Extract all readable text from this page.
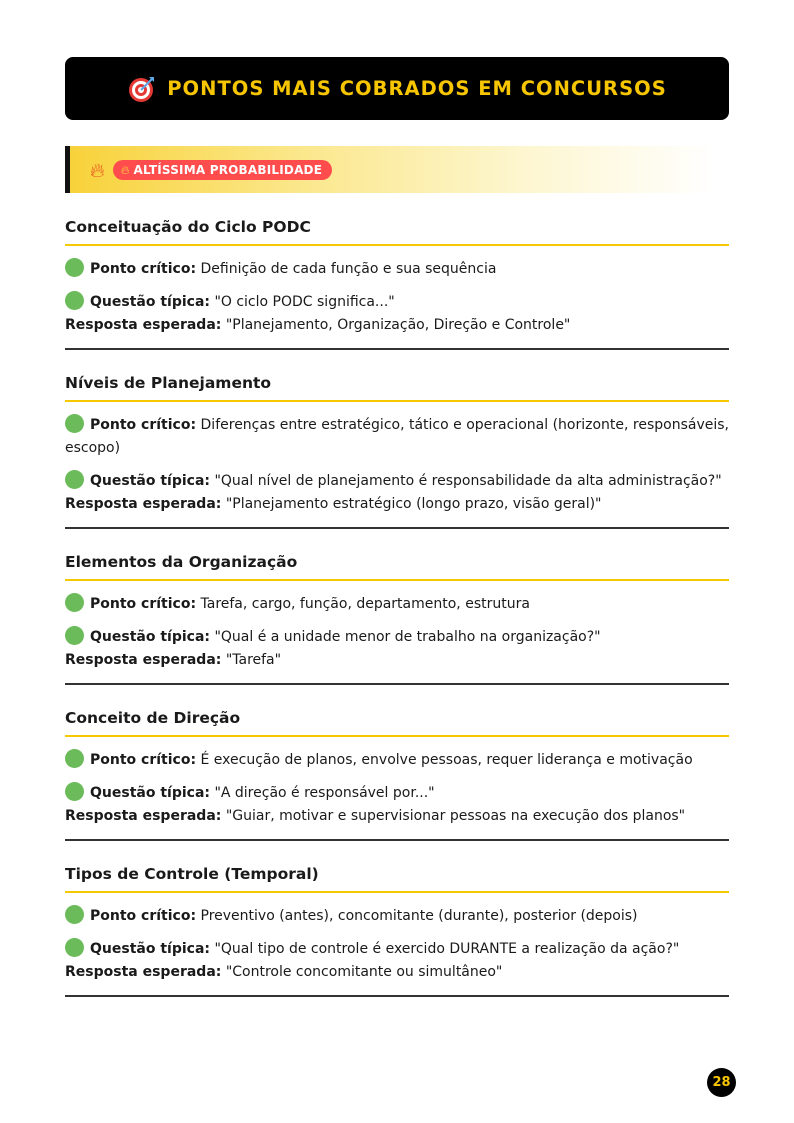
PONTOS MAIS COBRADOS EM CONCURSOS
🔥︎ 🔥︎ ALTÍSSIMA PROBABILIDADE
Conceituação do Ciclo PODC
Ponto crítico: Definição de cada função e sua sequência
Questão típica: "O ciclo PODC significa..."
Resposta esperada: "Planejamento, Organização, Direção e Controle"
Níveis de Planejamento
Ponto crítico: Diferenças entre estratégico, tático e operacional (horizonte, responsáveis, escopo)
Questão típica: "Qual nível de planejamento é responsabilidade da alta administração?"
Resposta esperada: "Planejamento estratégico (longo prazo, visão geral)"
Elementos da Organização
Ponto crítico: Tarefa, cargo, função, departamento, estrutura
Questão típica: "Qual é a unidade menor de trabalho na organização?"
Resposta esperada: "Tarefa"
Conceito de Direção
Ponto crítico: É execução de planos, envolve pessoas, requer liderança e motivação
Questão típica: "A direção é responsável por..."
Resposta esperada: "Guiar, motivar e supervisionar pessoas na execução dos planos"
Tipos de Controle (Temporal)
Ponto crítico: Preventivo (antes), concomitante (durante), posterior (depois)
Questão típica: "Qual tipo de controle é exercido DURANTE a realização da ação?"
Resposta esperada: "Controle concomitante ou simultâneo"
28
